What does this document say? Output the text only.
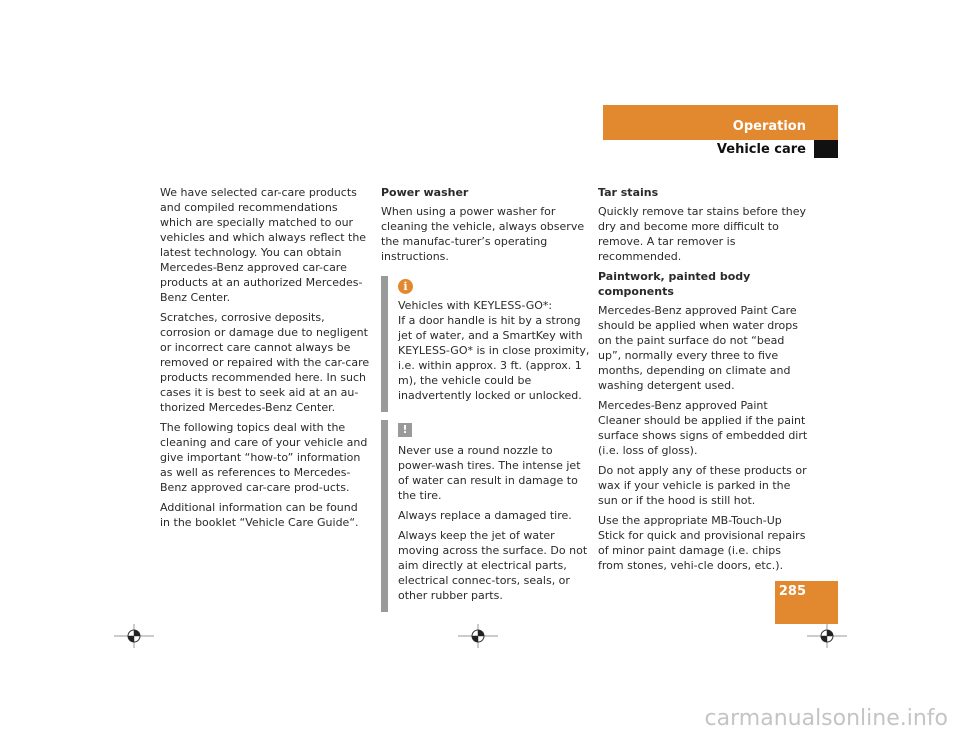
Operation
Vehicle care

We have selected car-care products and compiled recommendations which are specially matched to our vehicles and which always reflect the latest technology. You can obtain Mercedes-Benz approved car-care products at an authorized Mercedes-Benz Center.

Scratches, corrosive deposits, corrosion or damage due to negligent or incorrect care cannot always be removed or repaired with the car-care products recommended here. In such cases it is best to seek aid at an au-thorized Mercedes-Benz Center.

The following topics deal with the cleaning and care of your vehicle and give important “how-to” information as well as references to Mercedes-Benz approved car-care prod-ucts.

Additional information can be found in the booklet “Vehicle Care Guide“.

Power washer

When using a power washer for cleaning the vehicle, always observe the manufac-turer’s operating instructions.

i

Vehicles with KEYLESS-GO*:
If a door handle is hit by a strong jet of water, and a SmartKey with KEYLESS-GO* is in close proximity, i.e. within approx. 3 ft. (approx. 1 m), the vehicle could be inadvertently locked or unlocked.

!

Never use a round nozzle to power-wash tires. The intense jet of water can result in damage to the tire.

Always replace a damaged tire.

Always keep the jet of water moving across the surface. Do not aim directly at electrical parts, electrical connec-tors, seals, or other rubber parts.

Tar stains

Quickly remove tar stains before they dry and become more difficult to remove. A tar remover is recommended.

Paintwork, painted body components

Mercedes-Benz approved Paint Care should be applied when water drops on the paint surface do not “bead up”, normally every three to five months, depending on climate and washing detergent used.

Mercedes-Benz approved Paint Cleaner should be applied if the paint surface shows signs of embedded dirt (i.e. loss of gloss).

Do not apply any of these products or wax if your vehicle is parked in the sun or if the hood is still hot.

Use the appropriate MB-Touch-Up Stick for quick and provisional repairs of minor paint damage (i.e. chips from stones, vehi-cle doors, etc.).

285
carmanualsonline.info
